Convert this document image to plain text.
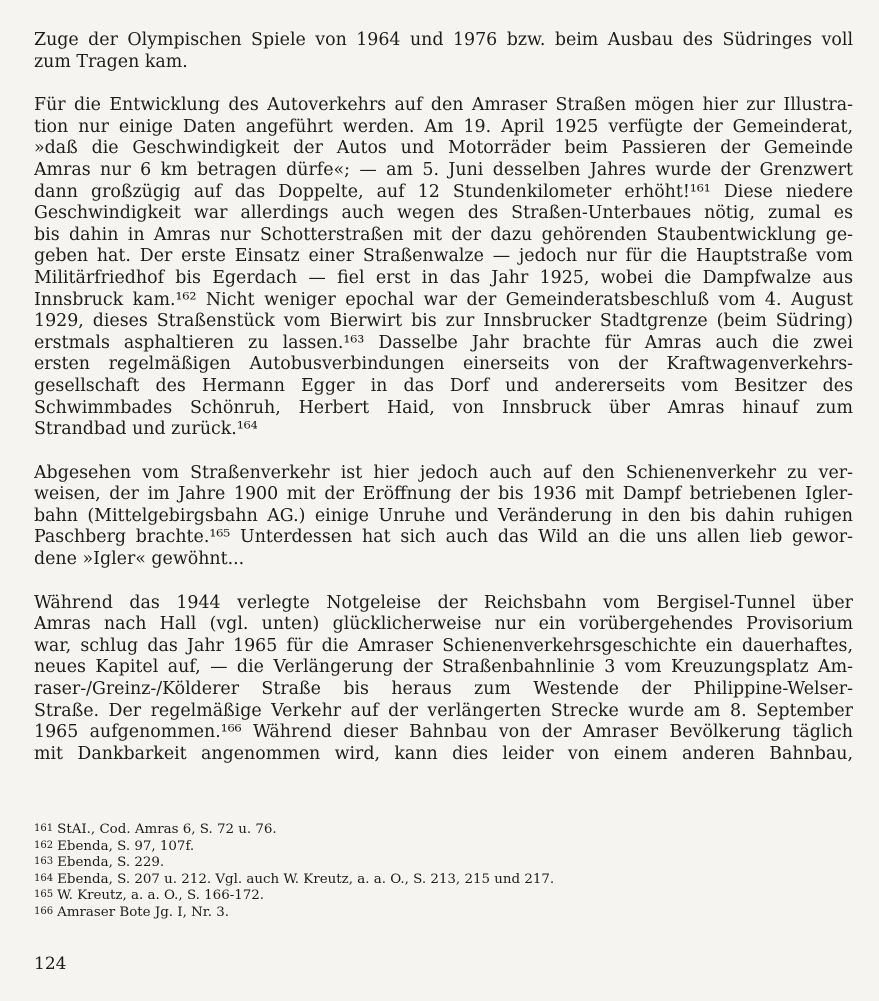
Zuge der Olympischen Spiele von 1964 und 1976 bzw. beim Ausbau des Südringes voll
zum Tragen kam.

Für die Entwicklung des Autoverkehrs auf den Amraser Straßen mögen hier zur Illustra-
tion nur einige Daten angeführt werden. Am 19. April 1925 verfügte der Gemeinderat,
»daß die Geschwindigkeit der Autos und Motorräder beim Passieren der Gemeinde
Amras nur 6 km betragen dürfe«; — am 5. Juni desselben Jahres wurde der Grenzwert
dann großzügig auf das Doppelte, auf 12 Stundenkilometer erhöht!¹⁶¹ Diese niedere
Geschwindigkeit war allerdings auch wegen des Straßen-Unterbaues nötig, zumal es
bis dahin in Amras nur Schotterstraßen mit der dazu gehörenden Staubentwicklung ge-
geben hat. Der erste Einsatz einer Straßenwalze — jedoch nur für die Hauptstraße vom
Militärfriedhof bis Egerdach — fiel erst in das Jahr 1925, wobei die Dampfwalze aus
Innsbruck kam.¹⁶² Nicht weniger epochal war der Gemeinderatsbeschluß vom 4. August
1929, dieses Straßenstück vom Bierwirt bis zur Innsbrucker Stadtgrenze (beim Südring)
erstmals asphaltieren zu lassen.¹⁶³ Dasselbe Jahr brachte für Amras auch die zwei
ersten regelmäßigen Autobusverbindungen einerseits von der Kraftwagenverkehrs-
gesellschaft des Hermann Egger in das Dorf und andererseits vom Besitzer des
Schwimmbades Schönruh, Herbert Haid, von Innsbruck über Amras hinauf zum
Strandbad und zurück.¹⁶⁴

Abgesehen vom Straßenverkehr ist hier jedoch auch auf den Schienenverkehr zu ver-
weisen, der im Jahre 1900 mit der Eröffnung der bis 1936 mit Dampf betriebenen Igler-
bahn (Mittelgebirgsbahn AG.) einige Unruhe und Veränderung in den bis dahin ruhigen
Paschberg brachte.¹⁶⁵ Unterdessen hat sich auch das Wild an die uns allen lieb gewor-
dene »Igler« gewöhnt...

Während das 1944 verlegte Notgeleise der Reichsbahn vom Bergisel-Tunnel über
Amras nach Hall (vgl. unten) glücklicherweise nur ein vorübergehendes Provisorium
war, schlug das Jahr 1965 für die Amraser Schienenverkehrsgeschichte ein dauerhaftes,
neues Kapitel auf, — die Verlängerung der Straßenbahnlinie 3 vom Kreuzungsplatz Am-
raser-/Greinz-/Kölderer Straße bis heraus zum Westende der Philippine-Welser-
Straße. Der regelmäßige Verkehr auf der verlängerten Strecke wurde am 8. September
1965 aufgenommen.¹⁶⁶ Während dieser Bahnbau von der Amraser Bevölkerung täglich
mit Dankbarkeit angenommen wird, kann dies leider von einem anderen Bahnbau,

$^{161}$ StAI., Cod. Amras 6, S. 72 u. 76.
$^{162}$ Ebenda, S. 97, 107f.
$^{163}$ Ebenda, S. 229.
$^{164}$ Ebenda, S. 207 u. 212. Vgl. auch W. Kreutz, a. a. O., S. 213, 215 und 217.
$^{165}$ W. Kreutz, a. a. O., S. 166-172.
$^{166}$ Amraser Bote Jg. I, Nr. 3.
124
